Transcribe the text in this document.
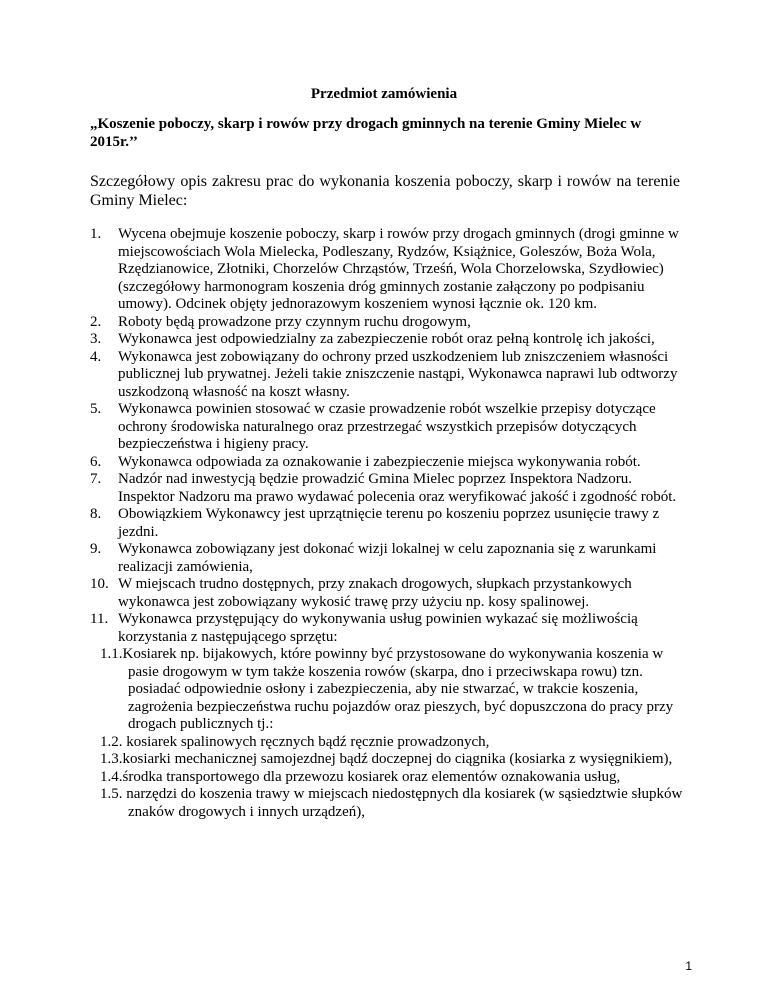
Przedmiot zamówienia
„Koszenie poboczy, skarp i rowów przy drogach gminnych na terenie Gminy Mielec w 2015r.’’
Szczegółowy opis zakresu prac do wykonania koszenia poboczy, skarp i rowów na terenie Gminy Mielec:

1. Wycena obejmuje koszenie poboczy, skarp i rowów przy drogach gminnych (drogi gminne w miejscowościach Wola Mielecka, Podleszany, Rydzów, Książnice, Goleszów, Boża Wola, Rzędzianowice, Złotniki, Chorzelów Chrząstów, Trześń, Wola Chorzelowska, Szydłowiec) (szczegółowy harmonogram koszenia dróg gminnych zostanie załączony po podpisaniu umowy). Odcinek objęty jednorazowym koszeniem wynosi łącznie ok. 120 km.

2. Roboty będą prowadzone przy czynnym ruchu drogowym,

3. Wykonawca jest odpowiedzialny za zabezpieczenie robót oraz pełną kontrolę ich jakości,

4. Wykonawca jest zobowiązany do ochrony przed uszkodzeniem lub zniszczeniem własności publicznej lub prywatnej. Jeżeli takie zniszczenie nastąpi, Wykonawca naprawi lub odtworzy uszkodzoną własność na koszt własny.

5. Wykonawca powinien stosować w czasie prowadzenie robót wszelkie przepisy dotyczące ochrony środowiska naturalnego oraz przestrzegać wszystkich przepisów dotyczących bezpieczeństwa i higieny pracy.

6. Wykonawca odpowiada za oznakowanie i zabezpieczenie miejsca wykonywania robót.

7. Nadzór nad inwestycją będzie prowadzić Gmina Mielec poprzez Inspektora Nadzoru. Inspektor Nadzoru ma prawo wydawać polecenia oraz weryfikować jakość i zgodność robót.

8. Obowiązkiem Wykonawcy jest uprzątnięcie terenu po koszeniu poprzez usunięcie trawy z jezdni.

9. Wykonawca zobowiązany jest dokonać wizji lokalnej w celu zapoznania się z warunkami realizacji zamówienia,

10. W miejscach trudno dostępnych, przy znakach drogowych, słupkach przystankowych wykonawca jest zobowiązany wykosić trawę przy użyciu np. kosy spalinowej.

11. Wykonawca przystępujący do wykonywania usług powinien wykazać się możliwością korzystania z następującego sprzętu:

1.1.Kosiarek np. bijakowych, które powinny być przystosowane do wykonywania koszenia w pasie drogowym w tym także koszenia rowów (skarpa, dno i przeciwskapa rowu) tzn. posiadać odpowiednie osłony i zabezpieczenia, aby nie stwarzać, w trakcie koszenia, zagrożenia bezpieczeństwa ruchu pojazdów oraz pieszych, być dopuszczona do pracy przy drogach publicznych tj.:

1.2. kosiarek spalinowych ręcznych bądź ręcznie prowadzonych,

1.3.kosiarki mechanicznej samojezdnej bądź doczepnej do ciągnika (kosiarka z wysięgnikiem),

1.4.środka transportowego dla przewozu kosiarek oraz elementów oznakowania usług,

1.5. narzędzi do koszenia trawy w miejscach niedostępnych dla kosiarek (w sąsiedztwie słupków znaków drogowych i innych urządzeń),

1
